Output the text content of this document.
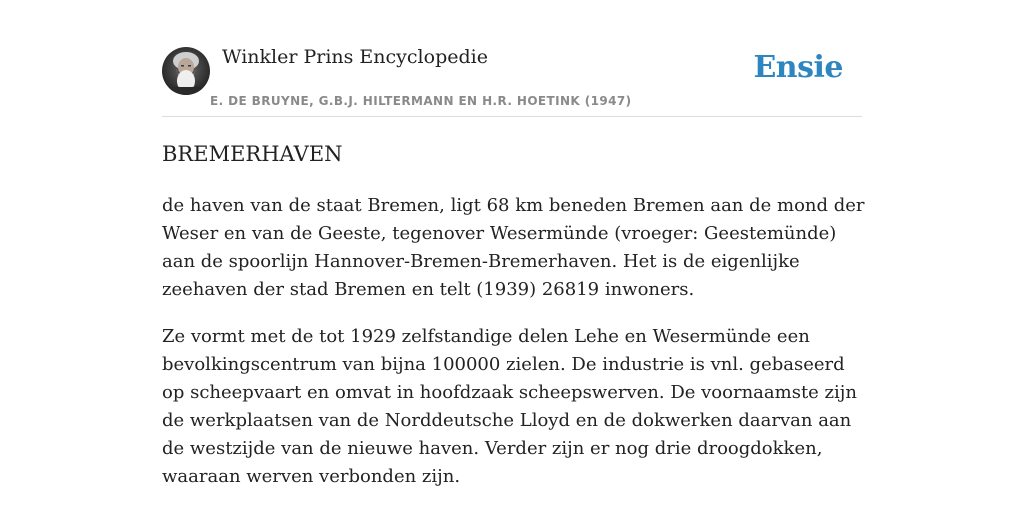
Winkler Prins Encyclopedie
E. DE BRUYNE, G.B.J. HILTERMANN EN H.R. HOETINK (1947)
Ensie
BREMERHAVEN

de haven van de staat Bremen, ligt 68 km beneden Bremen aan de mond der Weser en van de Geeste, tegenover Wesermünde (vroeger: Geestemünde) aan de spoorlijn Hannover-Bremen-Bremerhaven. Het is de eigenlijke zeehaven der stad Bremen en telt (1939) 26819 inwoners.

Ze vormt met de tot 1929 zelfstandige delen Lehe en Wesermünde een bevolkingscentrum van bijna 100000 zielen. De industrie is vnl. gebaseerd op scheepvaart en omvat in hoofdzaak scheepswerven. De voornaamste zijn de werkplaatsen van de Norddeutsche Lloyd en de dokwerken daarvan aan de westzijde van de nieuwe haven. Verder zijn er nog drie droogdokken, waaraan werven verbonden zijn.
